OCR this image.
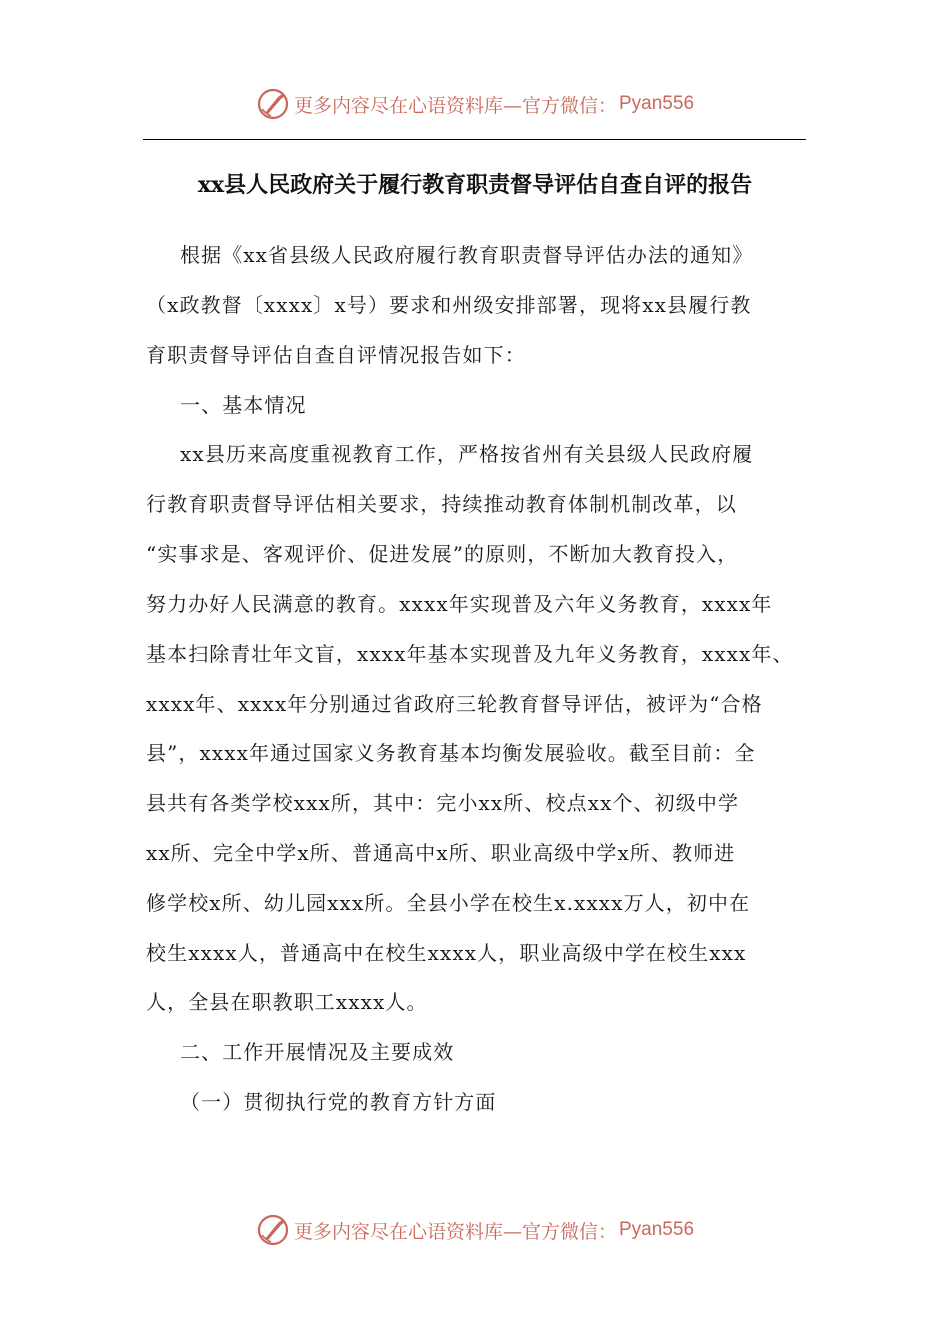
更多内容尽在心语资料库—官方微信： Pyan556
xx县人民政府关于履行教育职责督导评估自查自评的报告
根据《xx省县级人民政府履行教育职责督导评估办法的通知》
（x政教督〔xxxx〕x号）要求和州级安排部署，现将xx县履行教
育职责督导评估自查自评情况报告如下：
一、基本情况
xx县历来高度重视教育工作，严格按省州有关县级人民政府履
行教育职责督导评估相关要求，持续推动教育体制机制改革，以
“实事求是、客观评价、促进发展”的原则，不断加大教育投入，
努力办好人民满意的教育。xxxx年实现普及六年义务教育，xxxx年
基本扫除青壮年文盲，xxxx年基本实现普及九年义务教育，xxxx年、
xxxx年、xxxx年分别通过省政府三轮教育督导评估，被评为“合格
县”，xxxx年通过国家义务教育基本均衡发展验收。截至目前：全
县共有各类学校xxx所，其中：完小xx所、校点xx个、初级中学
xx所、完全中学x所、普通高中x所、职业高级中学x所、教师进
修学校x所、幼儿园xxx所。全县小学在校生x.xxxx万人，初中在
校生xxxx人，普通高中在校生xxxx人，职业高级中学在校生xxx
人，全县在职教职工xxxx人。
二、工作开展情况及主要成效
（一）贯彻执行党的教育方针方面
更多内容尽在心语资料库—官方微信： Pyan556
